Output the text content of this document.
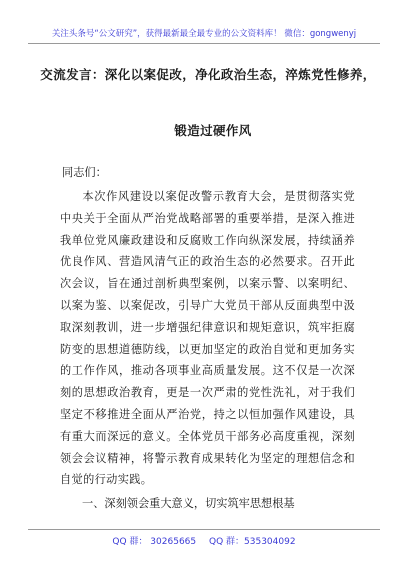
关注头条号“公文研究”，获得最新最全最专业的公文资料库！ 微信：gongwenyj
交流发言：深化以案促改，净化政治生态，淬炼党性修养，
锻造过硬作风
同志们：

本次作风建设以案促改警示教育大会，是贯彻落实党中央关于全面从严治党战略部署的重要举措，是深入推进我单位党风廉政建设和反腐败工作向纵深发展，持续涵养优良作风、营造风清气正的政治生态的必然要求。召开此次会议，旨在通过剖析典型案例，以案示警、以案明纪、以案为鉴、以案促改，引导广大党员干部从反面典型中汲取深刻教训，进一步增强纪律意识和规矩意识，筑牢拒腐防变的思想道德防线，以更加坚定的政治自觉和更加务实的工作作风，推动各项事业高质量发展。这不仅是一次深刻的思想政治教育，更是一次严肃的党性洗礼，对于我们坚定不移推进全面从严治党，持之以恒加强作风建设，具有重大而深远的意义。全体党员干部务必高度重视，深刻领会会议精神，将警示教育成果转化为坚定的理想信念和自觉的行动实践。

一、深刻领会重大意义，切实筑牢思想根基
QQ 群： 30265665 QQ 群：535304092
